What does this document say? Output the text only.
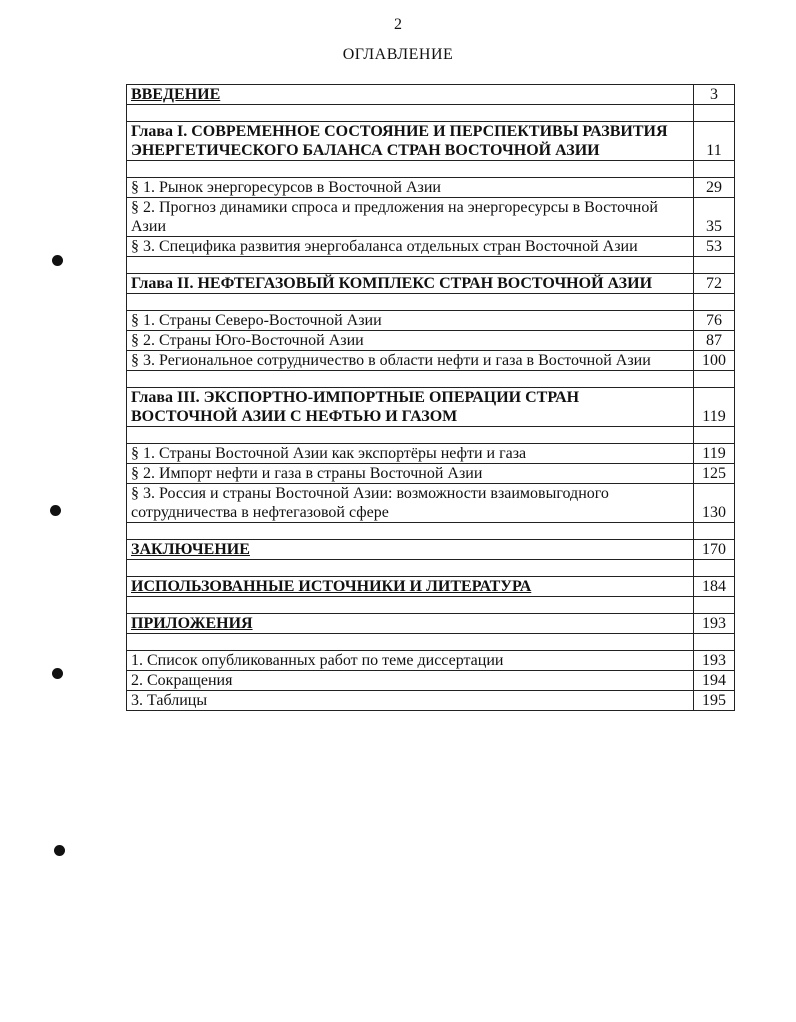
2
ОГЛАВЛЕНИЕ
ВВЕДЕНИЕ	3

Глава I. СОВРЕМЕННОЕ СОСТОЯНИЕ И ПЕРСПЕКТИВЫ РАЗВИТИЯ ЭНЕРГЕТИЧЕСКОГО БАЛАНСА СТРАН ВОСТОЧНОЙ АЗИИ	11

§ 1. Рынок энергоресурсов в Восточной Азии	29
§ 2. Прогноз динамики спроса и предложения на энергоресурсы в Восточной Азии	35
§ 3. Специфика развития энергобаланса отдельных стран Восточной Азии	53

Глава II. НЕФТЕГАЗОВЫЙ КОМПЛЕКС СТРАН ВОСТОЧНОЙ АЗИИ	72

§ 1. Страны Северо-Восточной Азии	76
§ 2. Страны Юго-Восточной Азии	87
§ 3. Региональное сотрудничество в области нефти и газа в Восточной Азии	100

Глава III. ЭКСПОРТНО-ИМПОРТНЫЕ ОПЕРАЦИИ СТРАН ВОСТОЧНОЙ АЗИИ С НЕФТЬЮ И ГАЗОМ	119

§ 1. Страны Восточной Азии как экспортёры нефти и газа	119
§ 2. Импорт нефти и газа в страны Восточной Азии	125
§ 3. Россия и страны Восточной Азии: возможности взаимовыгодного сотрудничества в нефтегазовой сфере	130

ЗАКЛЮЧЕНИЕ	170

ИСПОЛЬЗОВАННЫЕ ИСТОЧНИКИ И ЛИТЕРАТУРА	184

ПРИЛОЖЕНИЯ	193

1. Список опубликованных работ по теме диссертации	193
2. Сокращения	194
3. Таблицы	195
